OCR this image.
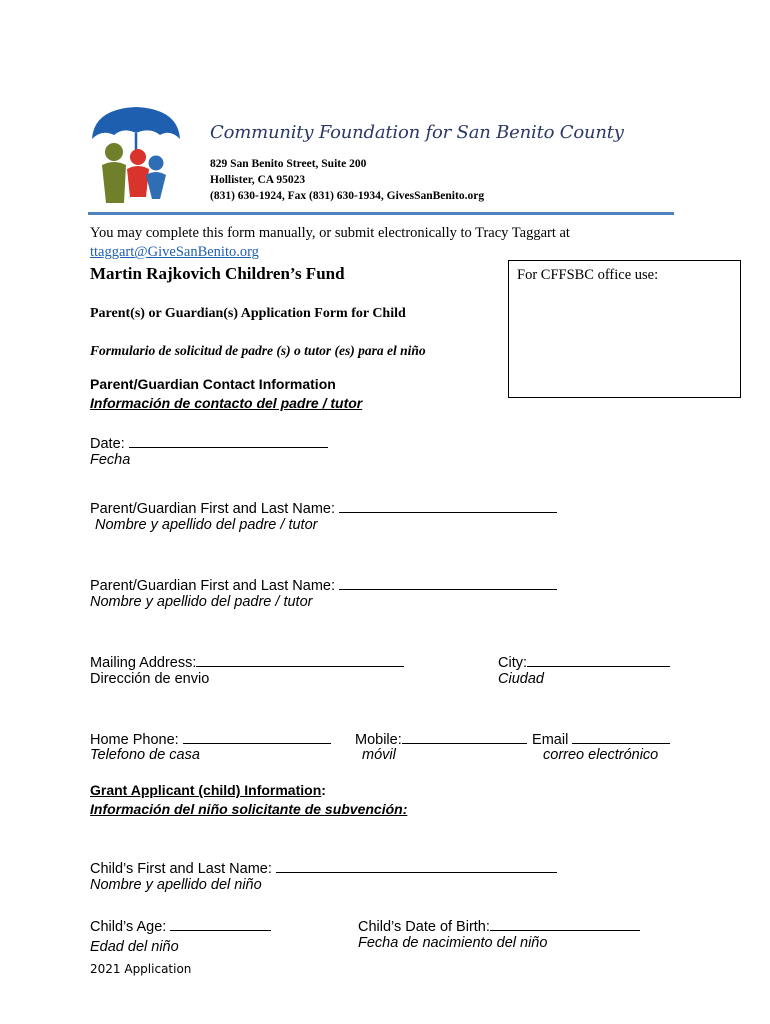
Community Foundation for San Benito County
829 San Benito Street, Suite 200
Hollister, CA 95023
(831) 630-1924, Fax (831) 630-1934, GivesSanBenito.org
You may complete this form manually, or submit electronically to Tracy Taggart at
ttaggart@GiveSanBenito.org
Martin Rajkovich Children’s Fund	For CFFSBC office use:
Parent(s) or Guardian(s) Application Form for Child
Formulario de solicitud de padre (s) o tutor (es) para el niño
Parent/Guardian Contact Information
Información de contacto del padre / tutor
Date:
Fecha
Parent/Guardian First and Last Name:
Nombre y apellido del padre / tutor
Parent/Guardian First and Last Name:
Nombre y apellido del padre / tutor
Mailing Address:
Dirección de envio
City:
Ciudad
Home Phone:
Telefono de casa
Mobile:
móvil
Email
correo electrónico
Grant Applicant (child) Information:
Información del niño solicitante de subvención:
Child’s First and Last Name:
Nombre y apellido del niño
Child’s Age:
Edad del niño
Child’s Date of Birth:
Fecha de nacimiento del niño
2021 Application
